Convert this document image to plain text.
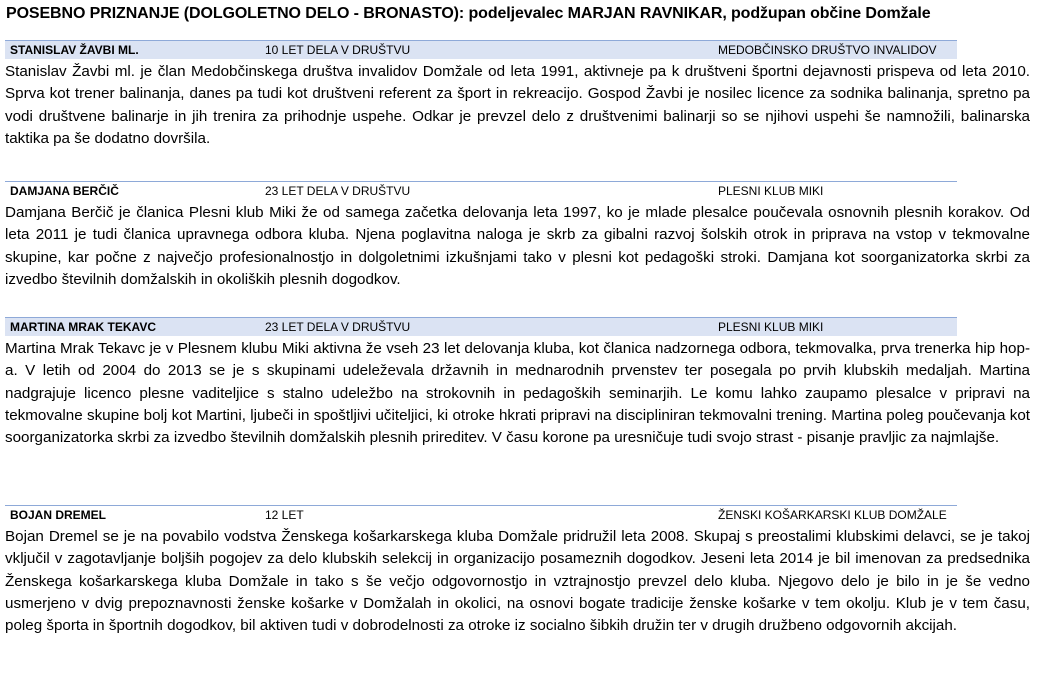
POSEBNO PRIZNANJE (DOLGOLETNO DELO - BRONASTO): podeljevalec MARJAN RAVNIKAR, podžupan občine Domžale
STANISLAV ŽAVBI ML.	10 LET DELA V DRUŠTVU	MEDOBČINSKO DRUŠTVO INVALIDOV

Stanislav Žavbi ml. je član Medobčinskega društva invalidov Domžale od leta 1991, aktivneje pa k društveni športni dejavnosti prispeva od leta 2010. Sprva kot trener balinanja, danes pa tudi kot društveni referent za šport in rekreacijo. Gospod Žavbi je nosilec licence za sodnika balinanja, spretno pa vodi društvene balinarje in jih trenira za prihodnje uspehe. Odkar je prevzel delo z društvenimi balinarji so se njihovi uspehi še namnožili, balinarska taktika pa še dodatno dovršila.

DAMJANA BERČIČ	23 LET DELA V DRUŠTVU	PLESNI KLUB MIKI

Damjana Berčič je članica Plesni klub Miki že od samega začetka delovanja leta 1997, ko je mlade plesalce poučevala osnovnih plesnih korakov. Od leta 2011 je tudi članica upravnega odbora kluba. Njena poglavitna naloga je skrb za gibalni razvoj šolskih otrok in priprava na vstop v tekmovalne skupine, kar počne z največjo profesionalnostjo in dolgoletnimi izkušnjami tako v plesni kot pedagoški stroki. Damjana kot soorganizatorka skrbi za izvedbo številnih domžalskih in okoliških plesnih dogodkov.

MARTINA MRAK TEKAVC	23 LET DELA V DRUŠTVU	PLESNI KLUB MIKI

Martina Mrak Tekavc je v Plesnem klubu Miki aktivna že vseh 23 let delovanja kluba, kot članica nadzornega odbora, tekmovalka, prva trenerka hip hop-a. V letih od 2004 do 2013 se je s skupinami udeleževala državnih in mednarodnih prvenstev ter posegala po prvih klubskih medaljah. Martina nadgrajuje licenco plesne vaditeljice s stalno udeležbo na strokovnih in pedagoških seminarjih. Le komu lahko zaupamo plesalce v pripravi na tekmovalne skupine bolj kot Martini, ljubeči in spoštljivi učiteljici, ki otroke hkrati pripravi na discipliniran tekmovalni trening. Martina poleg poučevanja kot soorganizatorka skrbi za izvedbo številnih domžalskih plesnih prireditev. V času korone pa uresničuje tudi svojo strast - pisanje pravljic za najmlajše.

BOJAN DREMEL	12 LET	ŽENSKI KOŠARKARSKI KLUB DOMŽALE

Bojan Dremel se je na povabilo vodstva Ženskega košarkarskega kluba Domžale pridružil leta 2008. Skupaj s preostalimi klubskimi delavci, se je takoj vključil v zagotavljanje boljših pogojev za delo klubskih selekcij in organizacijo posameznih dogodkov. Jeseni leta 2014 je bil imenovan za predsednika Ženskega košarkarskega kluba Domžale in tako s še večjo odgovornostjo in vztrajnostjo prevzel delo kluba. Njegovo delo je bilo in je še vedno usmerjeno v dvig prepoznavnosti ženske košarke v Domžalah in okolici, na osnovi bogate tradicije ženske košarke v tem okolju. Klub je v tem času, poleg športa in športnih dogodkov, bil aktiven tudi v dobrodelnosti za otroke iz socialno šibkih družin ter v drugih družbeno odgovornih akcijah.
